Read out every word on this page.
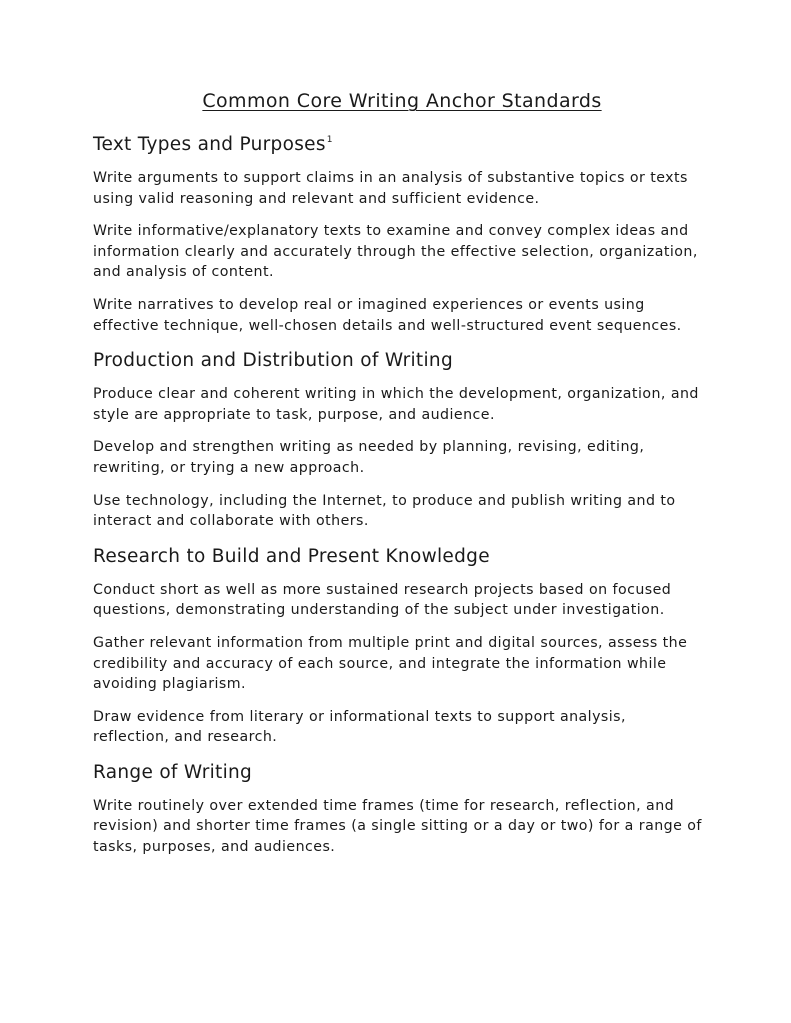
Common Core Writing Anchor Standards
Text Types and Purposes$^1$

Write arguments to support claims in an analysis of substantive topics or texts using valid reasoning and relevant and sufficient evidence.

Write informative/explanatory texts to examine and convey complex ideas and information clearly and accurately through the effective selection, organization, and analysis of content.

Write narratives to develop real or imagined experiences or events using effective technique, well-chosen details and well-structured event sequences.

Production and Distribution of Writing

Produce clear and coherent writing in which the development, organization, and style are appropriate to task, purpose, and audience.

Develop and strengthen writing as needed by planning, revising, editing, rewriting, or trying a new approach.

Use technology, including the Internet, to produce and publish writing and to interact and collaborate with others.

Research to Build and Present Knowledge

Conduct short as well as more sustained research projects based on focused questions, demonstrating understanding of the subject under investigation.

Gather relevant information from multiple print and digital sources, assess the credibility and accuracy of each source, and integrate the information while avoiding plagiarism.

Draw evidence from literary or informational texts to support analysis, reflection, and research.

Range of Writing

Write routinely over extended time frames (time for research, reflection, and revision) and shorter time frames (a single sitting or a day or two) for a range of tasks, purposes, and audiences.
